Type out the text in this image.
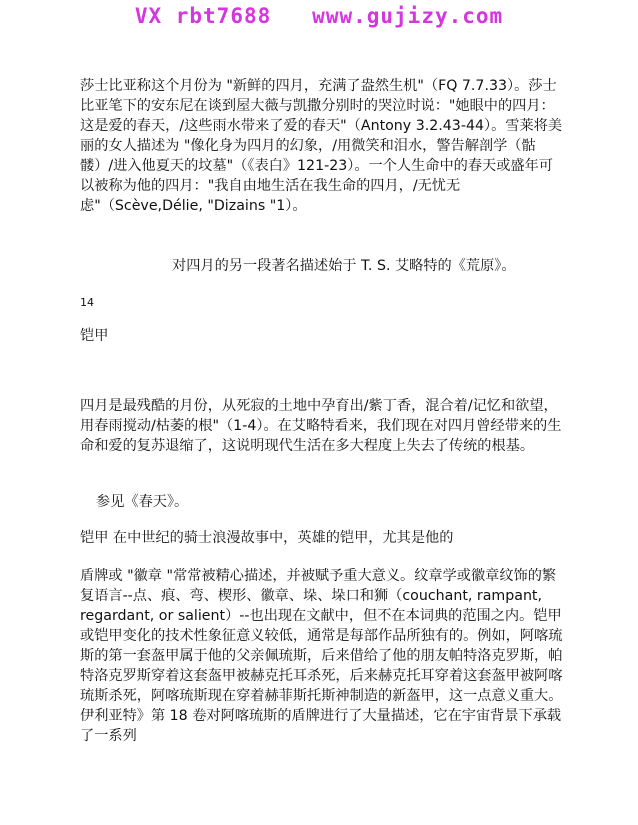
VX rbt7688   www.gujizy.com

莎士比亚称这个月份为 "新鲜的四月，充满了盎然生机"（FQ 7.7.33）。莎士比亚笔下的安东尼在谈到屋大薇与凯撒分别时的哭泣时说："她眼中的四月：这是爱的春天，/这些雨水带来了爱的春天"（Antony 3.2.43-44）。雪莱将美丽的女人描述为 "像化身为四月的幻象，/用微笑和泪水，警告解剖学（骷髅）/进入他夏天的坟墓"（《表白》121-23）。一个人生命中的春天或盛年可以被称为他的四月："我自由地生活在我生命的四月，/无忧无虑"（Scève,Délie, "Dizains "1）。

对四月的另一段著名描述始于 T. S. 艾略特的《荒原》。

14

铠甲

四月是最残酷的月份，从死寂的土地中孕育出/紫丁香，混合着/记忆和欲望，用春雨搅动/枯萎的根"（1-4）。在艾略特看来，我们现在对四月曾经带来的生命和爱的复苏退缩了，这说明现代生活在多大程度上失去了传统的根基。

参见《春天》。

铠甲 在中世纪的骑士浪漫故事中，英雄的铠甲，尤其是他的

盾牌或 "徽章 "常常被精心描述，并被赋予重大意义。纹章学或徽章纹饰的繁复语言--点、痕、弯、楔形、徽章、垛、垛口和狮（couchant, rampant, regardant, or salient）--也出现在文献中，但不在本词典的范围之内。铠甲或铠甲变化的技术性象征意义较低，通常是每部作品所独有的。例如，阿喀琉斯的第一套盔甲属于他的父亲佩琉斯，后来借给了他的朋友帕特洛克罗斯，帕特洛克罗斯穿着这套盔甲被赫克托耳杀死，后来赫克托耳穿着这套盔甲被阿喀琉斯杀死，阿喀琉斯现在穿着赫菲斯托斯神制造的新盔甲，这一点意义重大。伊利亚特》第 18 卷对阿喀琉斯的盾牌进行了大量描述，它在宇宙背景下承载了一系列
